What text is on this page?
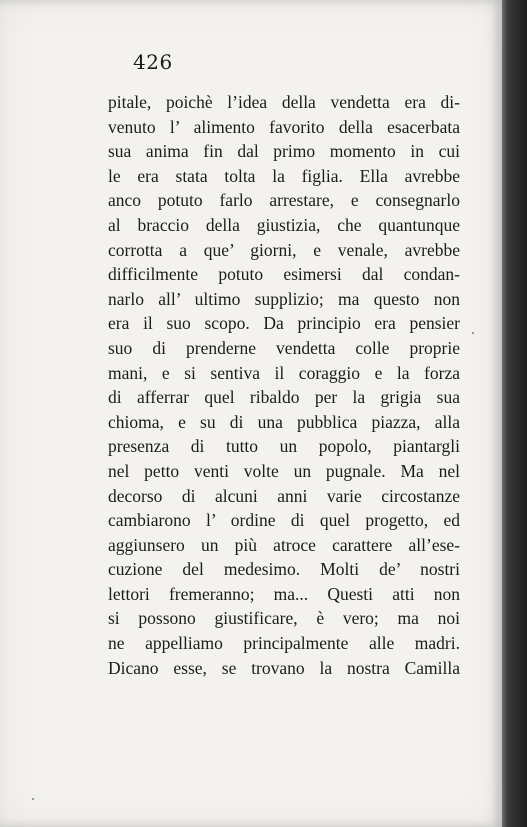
426
pitale, poichè l’idea della vendetta era di-
venuto l’ alimento favorito della esacerbata
sua anima fin dal primo momento in cui
le era stata tolta la figlia. Ella avrebbe
anco potuto farlo arrestare, e consegnarlo
al braccio della giustizia, che quantunque
corrotta a que’ giorni, e venale, avrebbe
difficilmente potuto esimersi dal condan-
narlo all’ ultimo supplizio; ma questo non
era il suo scopo. Da principio era pensier
suo di prenderne vendetta colle proprie
mani, e si sentiva il coraggio e la forza
di afferrar quel ribaldo per la grigia sua
chioma, e su di una pubblica piazza, alla
presenza di tutto un popolo, piantargli
nel petto venti volte un pugnale. Ma nel
decorso di alcuni anni varie circostanze
cambiarono l’ ordine di quel progetto, ed
aggiunsero un più atroce carattere all’ese-
cuzione del medesimo. Molti de’ nostri
lettori fremeranno; ma... Questi atti non
si possono giustificare, è vero; ma noi
ne appelliamo principalmente alle madri.
Dicano esse, se trovano la nostra Camilla
